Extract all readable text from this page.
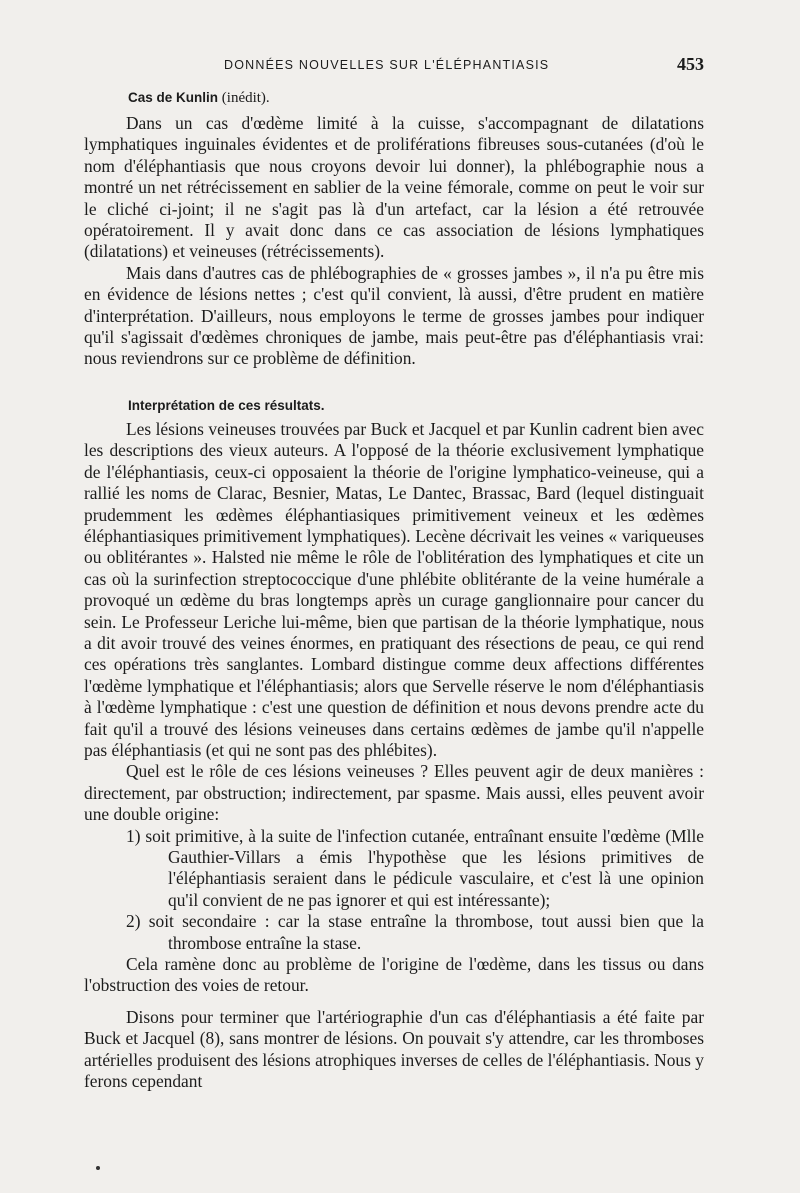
DONNÉES NOUVELLES SUR L'ÉLÉPHANTIASIS	453
Cas de Kunlin (inédit).

Dans un cas d'œdème limité à la cuisse, s'accompagnant de dilatations lymphatiques inguinales évidentes et de proliférations fibreuses sous-cutanées (d'où le nom d'éléphantiasis que nous croyons devoir lui donner), la phlébographie nous a montré un net rétrécissement en sablier de la veine fémorale, comme on peut le voir sur le cliché ci-joint; il ne s'agit pas là d'un artefact, car la lésion a été retrouvée opératoirement. Il y avait donc dans ce cas association de lésions lymphatiques (dilatations) et veineuses (rétrécissements).

Mais dans d'autres cas de phlébographies de « grosses jambes », il n'a pu être mis en évidence de lésions nettes ; c'est qu'il convient, là aussi, d'être prudent en matière d'interprétation. D'ailleurs, nous employons le terme de grosses jambes pour indiquer qu'il s'agissait d'œdèmes chroniques de jambe, mais peut-être pas d'éléphantiasis vrai: nous reviendrons sur ce problème de définition.

Interprétation de ces résultats.

Les lésions veineuses trouvées par Buck et Jacquel et par Kunlin cadrent bien avec les descriptions des vieux auteurs. A l'opposé de la théorie exclusivement lymphatique de l'éléphantiasis, ceux-ci opposaient la théorie de l'origine lymphatico-veineuse, qui a rallié les noms de Clarac, Besnier, Matas, Le Dantec, Brassac, Bard (lequel distinguait prudemment les œdèmes éléphantiasiques primitivement veineux et les œdèmes éléphantiasiques primitivement lymphatiques). Lecène décrivait les veines « variqueuses ou oblitérantes ». Halsted nie même le rôle de l'oblitération des lymphatiques et cite un cas où la surinfection streptococcique d'une phlébite oblitérante de la veine humérale a provoqué un œdème du bras longtemps après un curage ganglionnaire pour cancer du sein. Le Professeur Leriche lui-même, bien que partisan de la théorie lymphatique, nous a dit avoir trouvé des veines énormes, en pratiquant des résections de peau, ce qui rend ces opérations très sanglantes. Lombard distingue comme deux affections différentes l'œdème lymphatique et l'éléphantiasis; alors que Servelle réserve le nom d'éléphantiasis à l'œdème lymphatique : c'est une question de définition et nous devons prendre acte du fait qu'il a trouvé des lésions veineuses dans certains œdèmes de jambe qu'il n'appelle pas éléphantiasis (et qui ne sont pas des phlébites).

Quel est le rôle de ces lésions veineuses ? Elles peuvent agir de deux manières : directement, par obstruction; indirectement, par spasme. Mais aussi, elles peuvent avoir une double origine:

1) soit primitive, à la suite de l'infection cutanée, entraînant ensuite l'œdème (Mlle Gauthier-Villars a émis l'hypothèse que les lésions primitives de l'éléphantiasis seraient dans le pédicule vasculaire, et c'est là une opinion qu'il convient de ne pas ignorer et qui est intéressante);

2) soit secondaire : car la stase entraîne la thrombose, tout aussi bien que la thrombose entraîne la stase.

Cela ramène donc au problème de l'origine de l'œdème, dans les tissus ou dans l'obstruction des voies de retour.

Disons pour terminer que l'artériographie d'un cas d'éléphantiasis a été faite par Buck et Jacquel (8), sans montrer de lésions. On pouvait s'y attendre, car les thromboses artérielles produisent des lésions atrophiques inverses de celles de l'éléphantiasis. Nous y ferons cependant
